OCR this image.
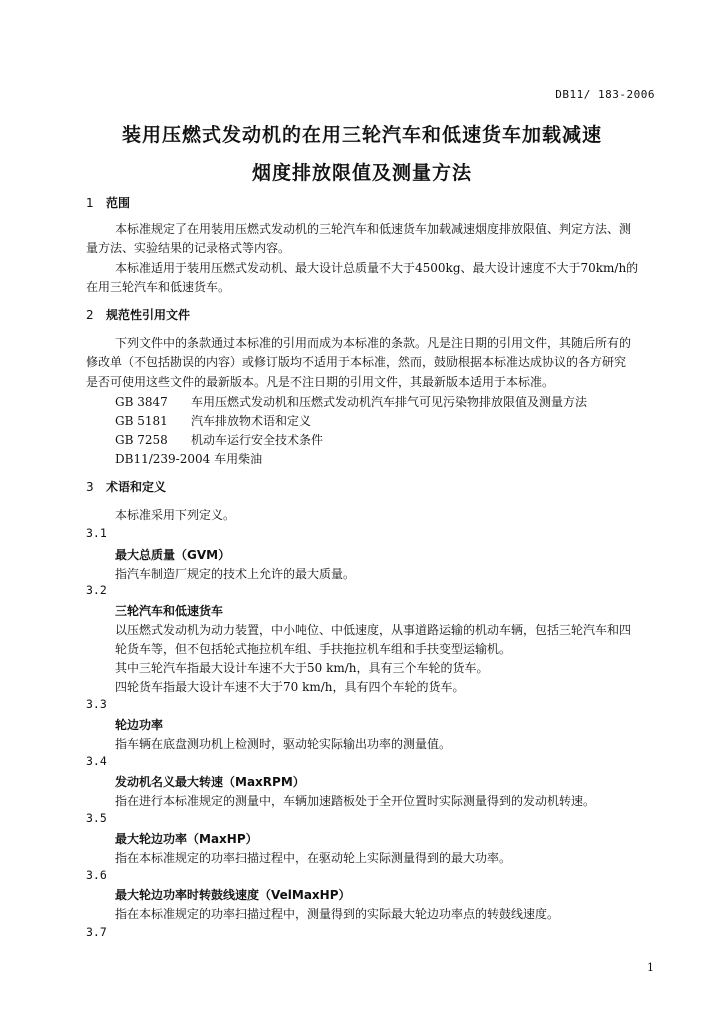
DB11/ 183-2006
装用压燃式发动机的在用三轮汽车和低速货车加载减速
烟度排放限值及测量方法
1 范围
本标准规定了在用装用压燃式发动机的三轮汽车和低速货车加载减速烟度排放限值、判定方法、测
量方法、实验结果的记录格式等内容。
本标准适用于装用压燃式发动机、最大设计总质量不大于4500kg、最大设计速度不大于70km/h的
在用三轮汽车和低速货车。
2 规范性引用文件
下列文件中的条款通过本标准的引用而成为本标准的条款。凡是注日期的引用文件，其随后所有的
修改单（不包括勘误的内容）或修订版均不适用于本标准，然而，鼓励根据本标准达成协议的各方研究
是否可使用这些文件的最新版本。凡是不注日期的引用文件，其最新版本适用于本标准。
GB 3847 车用压燃式发动机和压燃式发动机汽车排气可见污染物排放限值及测量方法
GB 5181 汽车排放物术语和定义
GB 7258 机动车运行安全技术条件
DB11/239-2004 车用柴油
3 术语和定义
本标准采用下列定义。
3.1
最大总质量（GVM）
指汽车制造厂规定的技术上允许的最大质量。
3.2
三轮汽车和低速货车
以压燃式发动机为动力装置，中小吨位、中低速度，从事道路运输的机动车辆，包括三轮汽车和四
轮货车等，但不包括轮式拖拉机车组、手扶拖拉机车组和手扶变型运输机。
其中三轮汽车指最大设计车速不大于50 km/h，具有三个车轮的货车。
四轮货车指最大设计车速不大于70 km/h，具有四个车轮的货车。
3.3
轮边功率
指车辆在底盘测功机上检测时，驱动轮实际输出功率的测量值。
3.4
发动机名义最大转速（MaxRPM）
指在进行本标准规定的测量中，车辆加速踏板处于全开位置时实际测量得到的发动机转速。
3.5
最大轮边功率（MaxHP）
指在本标准规定的功率扫描过程中，在驱动轮上实际测量得到的最大功率。
3.6
最大轮边功率时转鼓线速度（VelMaxHP）
指在本标准规定的功率扫描过程中，测量得到的实际最大轮边功率点的转鼓线速度。
3.7
1
